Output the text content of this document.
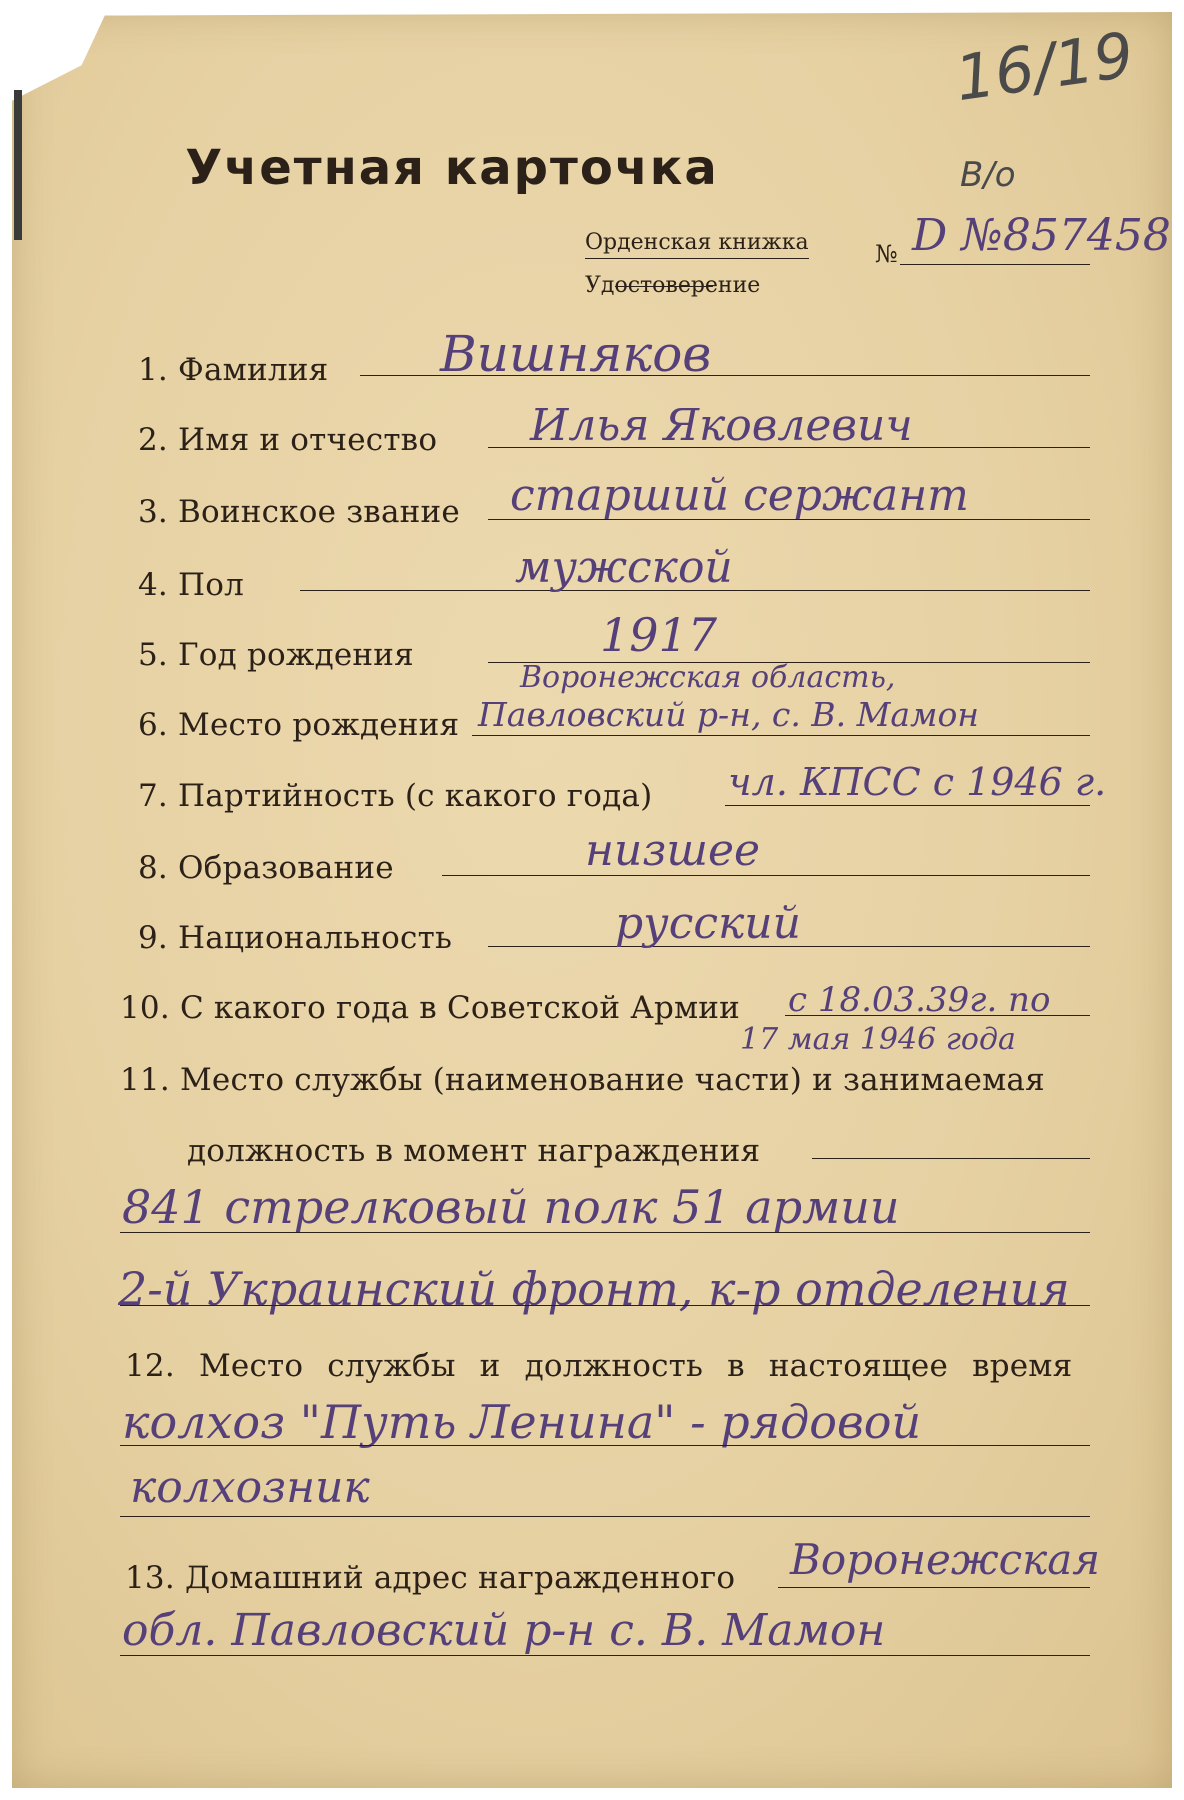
16/19
В/о
Учетная карточка
Орденская книжка
Удостоверение
№ D №857458
1. Фамилия Вишняков
2. Имя и отчество Илья Яковлевич
3. Воинское звание старший сержант
4. Пол	мужской
5. Год рождения	1917
Воронежская область,
6. Место рождения Павловский р-н, с. В. Мамон
7. Партийность (с какого года) чл. КПСС с 1946 г.
8. Образование	низшее
9. Национальность	русский
10. С какого года в Советской Армии с 18.03.39г. по
17 мая 1946 года
11. Место службы (наименование части) и занимаемая
должность в момент награждения
841 стрелковый полк 51 армии
2-й Украинский фронт, к-р отделения
12. Место службы и должность в настоящее время
колхоз "Путь Ленина" - рядовой
колхозник
13. Домашний адрес награжденного Воронежская
обл. Павловский р-н с. В. Мамон
